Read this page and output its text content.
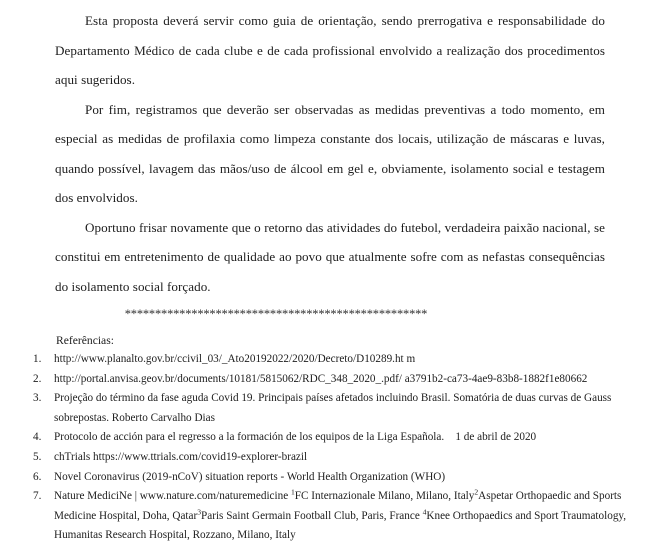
Esta proposta deverá servir como guia de orientação, sendo prerrogativa e responsabilidade do Departamento Médico de cada clube e de cada profissional envolvido a realização dos procedimentos aqui sugeridos.

Por fim, registramos que deverão ser observadas as medidas preventivas a todo momento, em especial as medidas de profilaxia como limpeza constante dos locais, utilização de máscaras e luvas, quando possível, lavagem das mãos/uso de álcool em gel e, obviamente, isolamento social e testagem dos envolvidos.

Oportuno frisar novamente que o retorno das atividades do futebol, verdadeira paixão nacional, se constitui em entretenimento de qualidade ao povo que atualmente sofre com as nefastas consequências do isolamento social forçado.

**************************************************
Referências:
1.	http://www.planalto.gov.br/ccivil_03/_Ato20192022/2020/Decreto/D10289.ht m
2.	http://portal.anvisa.geov.br/documents/10181/5815062/RDC_348_2020_.pdf/ a3791b2-ca73-4ae9-83b8-1882f1e80662
3.	Projeção do término da fase aguda Covid 19. Principais países afetados incluindo Brasil. Somatória de duas curvas de Gauss sobrepostas. Roberto Carvalho Dias
4.	Protocolo de acción para el regresso a la formación de los equipos de la Liga Española.    1 de abril de 2020
5.	chTrials https://www.ttrials.com/covid19-explorer-brazil
6.	Novel Coronavirus (2019-nCoV) situation reports - World Health Organization (WHO)
7.	Nature MediciNe | www.nature.com/naturemedicine $^1$FC Internazionale Milano, Milano, Italy$^2$Aspetar Orthopaedic and Sports Medicine Hospital, Doha, Qatar$^3$Paris Saint Germain Football Club, Paris, France $^4$Knee Orthopaedics and Sport Traumatology, Humanitas Research Hospital, Rozzano, Milano, Italy
